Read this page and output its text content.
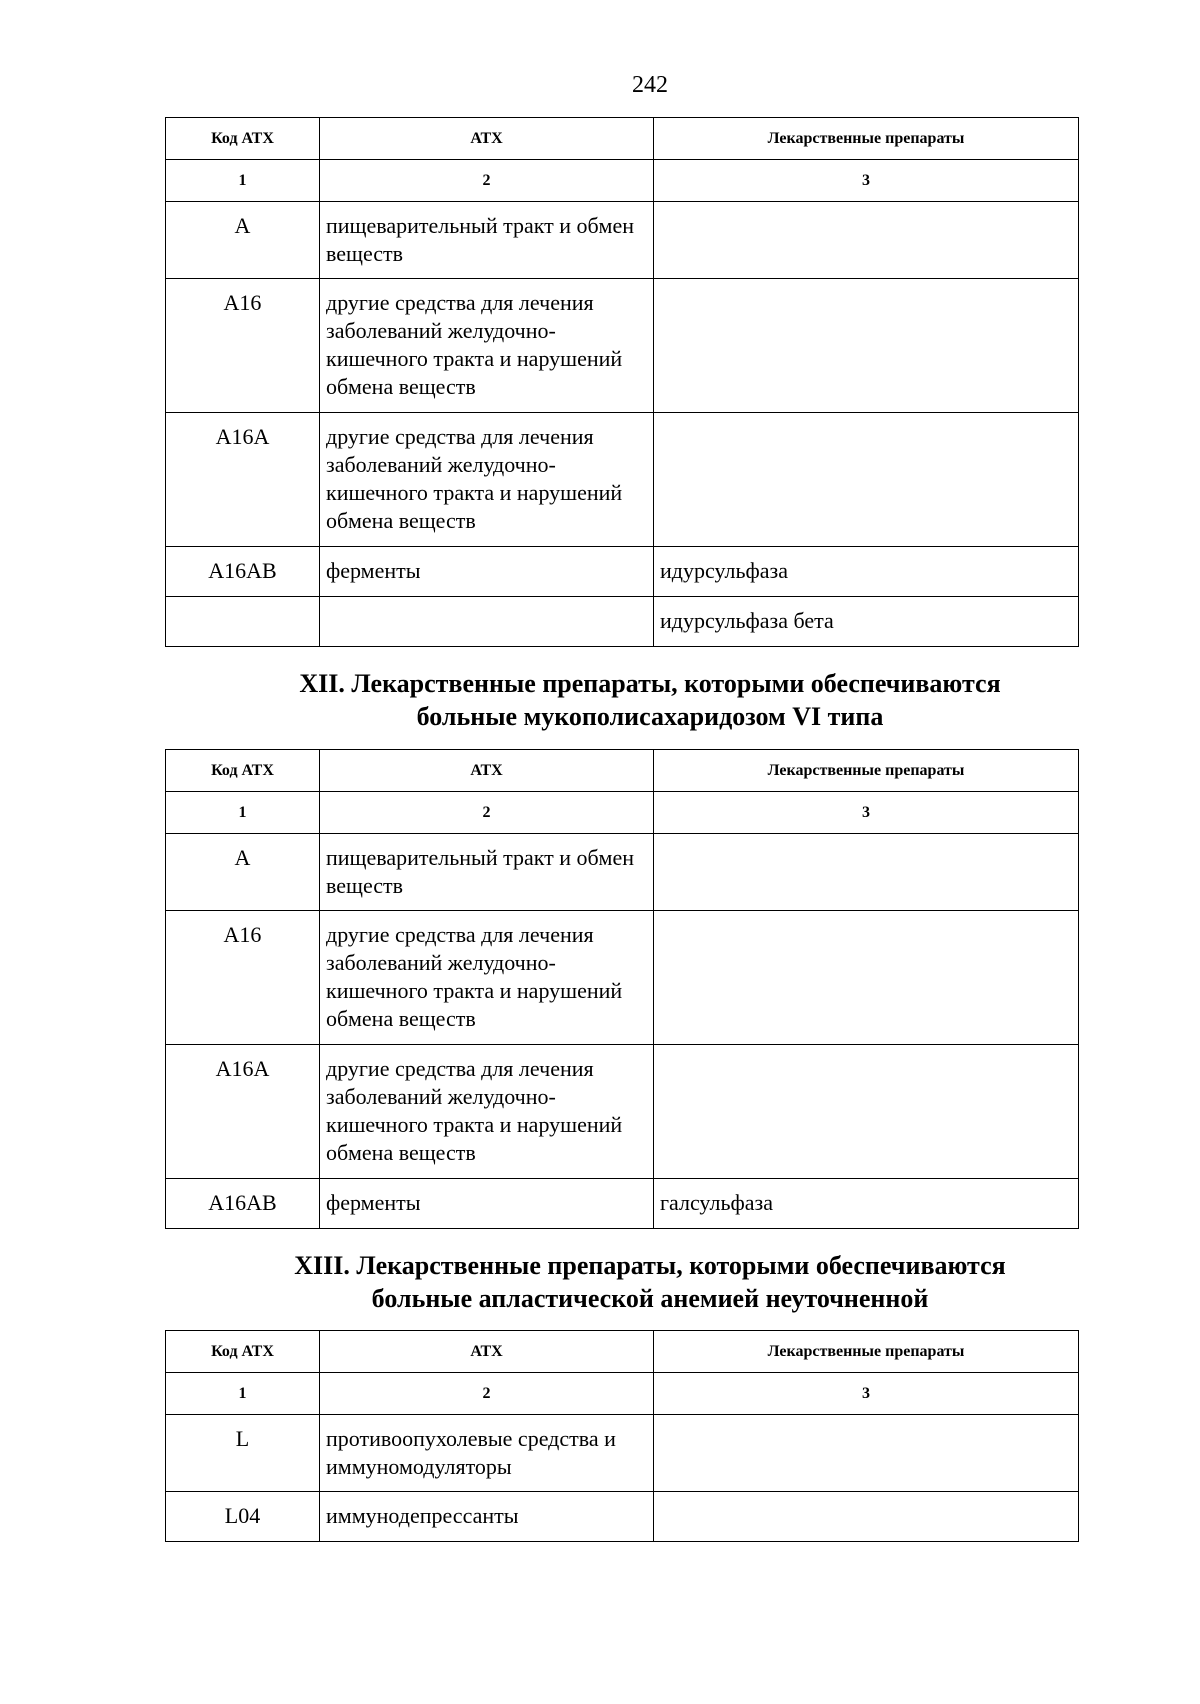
242
Код АТХ	АТХ	Лекарственные препараты
1	2	3
А	пищеварительный тракт и обмен веществ	
А16	другие средства для лечения заболеваний желудочно-кишечного тракта и нарушений обмена веществ	
А16А	другие средства для лечения заболеваний желудочно-кишечного тракта и нарушений обмена веществ	
А16АВ	ферменты	идурсульфаза
		идурсульфаза бета
XII. Лекарственные препараты, которыми обеспечиваются
больные мукополисахаридозом VI типа
Код АТХ	АТХ	Лекарственные препараты
1	2	3
А	пищеварительный тракт и обмен веществ	
А16	другие средства для лечения заболеваний желудочно-кишечного тракта и нарушений обмена веществ	
А16А	другие средства для лечения заболеваний желудочно-кишечного тракта и нарушений обмена веществ	
А16АВ	ферменты	галсульфаза
XIII. Лекарственные препараты, которыми обеспечиваются
больные апластической анемией неуточненной
Код АТХ	АТХ	Лекарственные препараты
1	2	3
L	противоопухолевые средства и иммуномодуляторы	
L04	иммунодепрессанты	
